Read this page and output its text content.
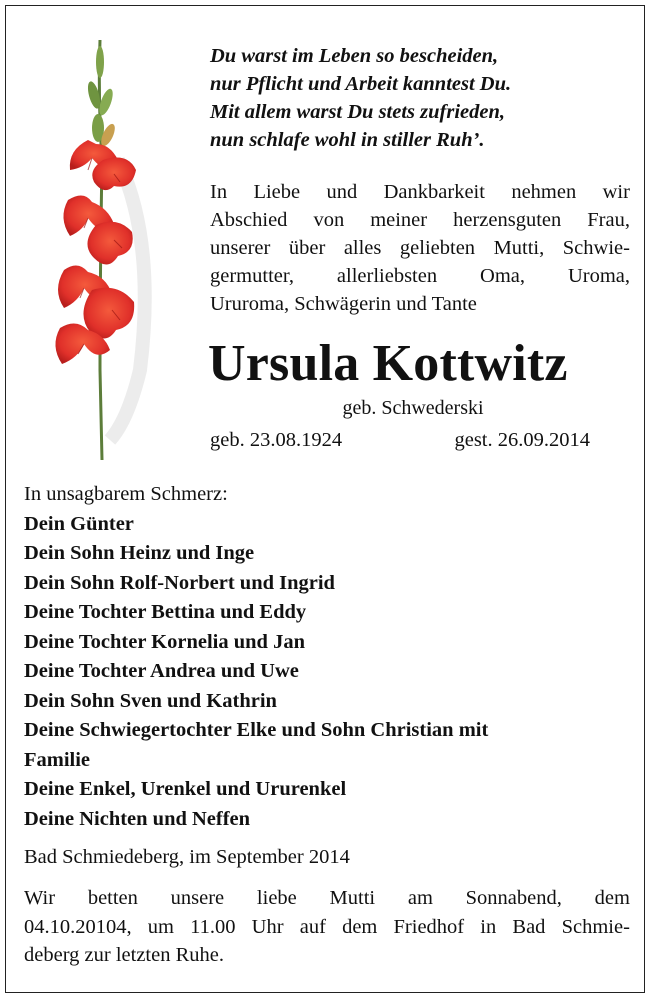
Du warst im Leben so bescheiden,
nur Pflicht und Arbeit kanntest Du.
Mit allem warst Du stets zufrieden,
nun schlafe wohl in stiller Ruh’.
In Liebe und Dankbarkeit nehmen wir
Abschied von meiner herzensguten Frau,
unserer über alles geliebten Mutti, Schwie-
germutter, allerliebsten Oma, Uroma,
Ururoma, Schwägerin und Tante
Ursula Kottwitz
geb. Schwederski
geb. 23.08.1924	gest. 26.09.2014
In unsagbarem Schmerz:
Dein Günter
Dein Sohn Heinz und Inge
Dein Sohn Rolf-Norbert und Ingrid
Deine Tochter Bettina und Eddy
Deine Tochter Kornelia und Jan
Deine Tochter Andrea und Uwe
Dein Sohn Sven und Kathrin
Deine Schwiegertochter Elke und Sohn Christian mit
Familie
Deine Enkel, Urenkel und Ururenkel
Deine Nichten und Neffen
Bad Schmiedeberg, im September 2014
Wir betten unsere liebe Mutti am Sonnabend, dem
04.10.20104, um 11.00 Uhr auf dem Friedhof in Bad Schmie-
deberg zur letzten Ruhe.
